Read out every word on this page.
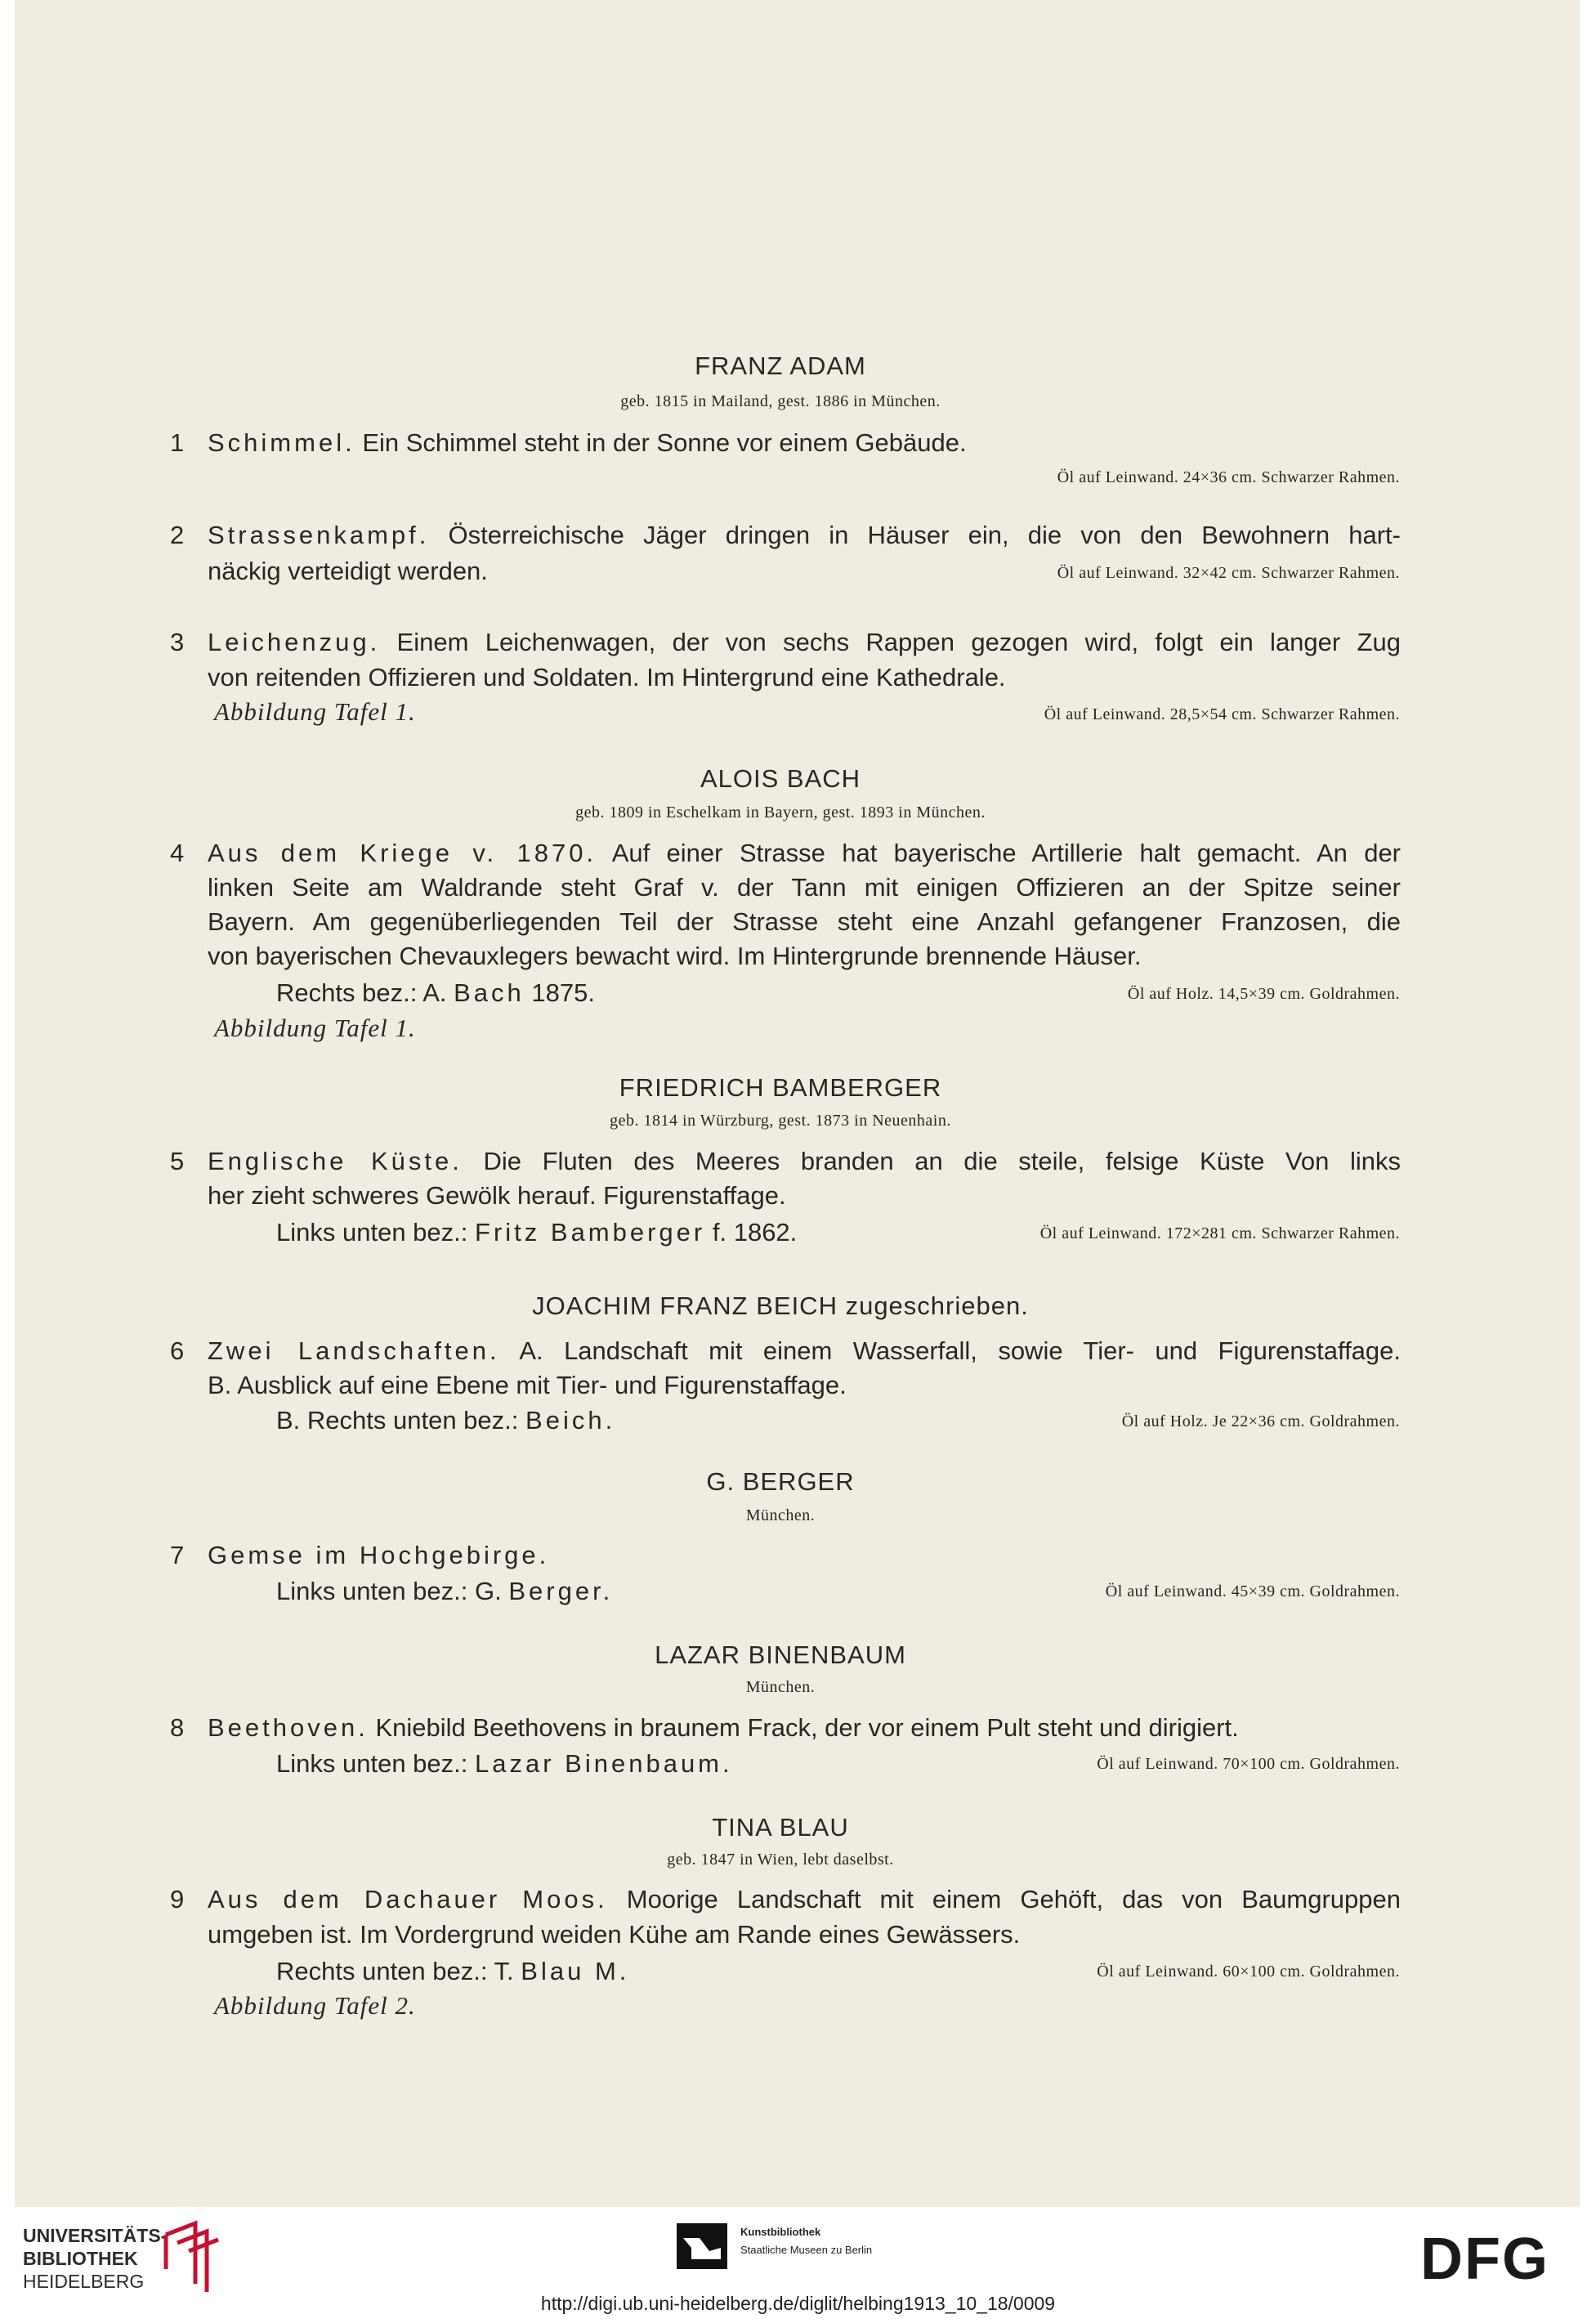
FRANZ ADAM
geb. 1815 in Mailand, gest. 1886 in München.
1 Schimmel. Ein Schimmel steht in der Sonne vor einem Gebäude.
Öl auf Leinwand. 24×36 cm. Schwarzer Rahmen.
2 Strassenkampf. Österreichische Jäger dringen in Häuser ein, die von den Bewohnern hart-
näckig verteidigt werden.	Öl auf Leinwand. 32×42 cm. Schwarzer Rahmen.
3 Leichenzug. Einem Leichenwagen, der von sechs Rappen gezogen wird, folgt ein langer Zug
von reitenden Offizieren und Soldaten. Im Hintergrund eine Kathedrale.
Abbildung Tafel 1.	Öl auf Leinwand. 28,5×54 cm. Schwarzer Rahmen.
ALOIS BACH
geb. 1809 in Eschelkam in Bayern, gest. 1893 in München.
4 Aus dem Kriege v. 1870. Auf einer Strasse hat bayerische Artillerie halt gemacht. An der
linken Seite am Waldrande steht Graf v. der Tann mit einigen Offizieren an der Spitze seiner
Bayern. Am gegenüberliegenden Teil der Strasse steht eine Anzahl gefangener Franzosen, die
von bayerischen Chevauxlegers bewacht wird. Im Hintergrunde brennende Häuser.
Rechts bez.: A. Bach 1875.	Öl auf Holz. 14,5×39 cm. Goldrahmen.
Abbildung Tafel 1.
FRIEDRICH BAMBERGER
geb. 1814 in Würzburg, gest. 1873 in Neuenhain.
5 Englische Küste. Die Fluten des Meeres branden an die steile, felsige Küste Von links
her zieht schweres Gewölk herauf. Figurenstaffage.
Links unten bez.: Fritz Bamberger f. 1862.	Öl auf Leinwand. 172×281 cm. Schwarzer Rahmen.
JOACHIM FRANZ BEICH zugeschrieben.
6 Zwei Landschaften. A. Landschaft mit einem Wasserfall, sowie Tier- und Figurenstaffage.
B. Ausblick auf eine Ebene mit Tier- und Figurenstaffage.
B. Rechts unten bez.: Beich.	Öl auf Holz. Je 22×36 cm. Goldrahmen.
G. BERGER
München.
7 Gemse im Hochgebirge.
Links unten bez.: G. Berger.	Öl auf Leinwand. 45×39 cm. Goldrahmen.
LAZAR BINENBAUM
München.
8 Beethoven. Kniebild Beethovens in braunem Frack, der vor einem Pult steht und dirigiert.
Links unten bez.: Lazar Binenbaum.	Öl auf Leinwand. 70×100 cm. Goldrahmen.
TINA BLAU
geb. 1847 in Wien, lebt daselbst.
9 Aus dem Dachauer Moos. Moorige Landschaft mit einem Gehöft, das von Baumgruppen
umgeben ist. Im Vordergrund weiden Kühe am Rande eines Gewässers.
Rechts unten bez.: T. Blau M.	Öl auf Leinwand. 60×100 cm. Goldrahmen.
Abbildung Tafel 2.
UNIVERSITÄTS-
BIBLIOTHEK
HEIDELBERG
Kunstbibliothek
Staatliche Museen zu Berlin	DFG
http://digi.ub.uni-heidelberg.de/diglit/helbing1913_10_18/0009
